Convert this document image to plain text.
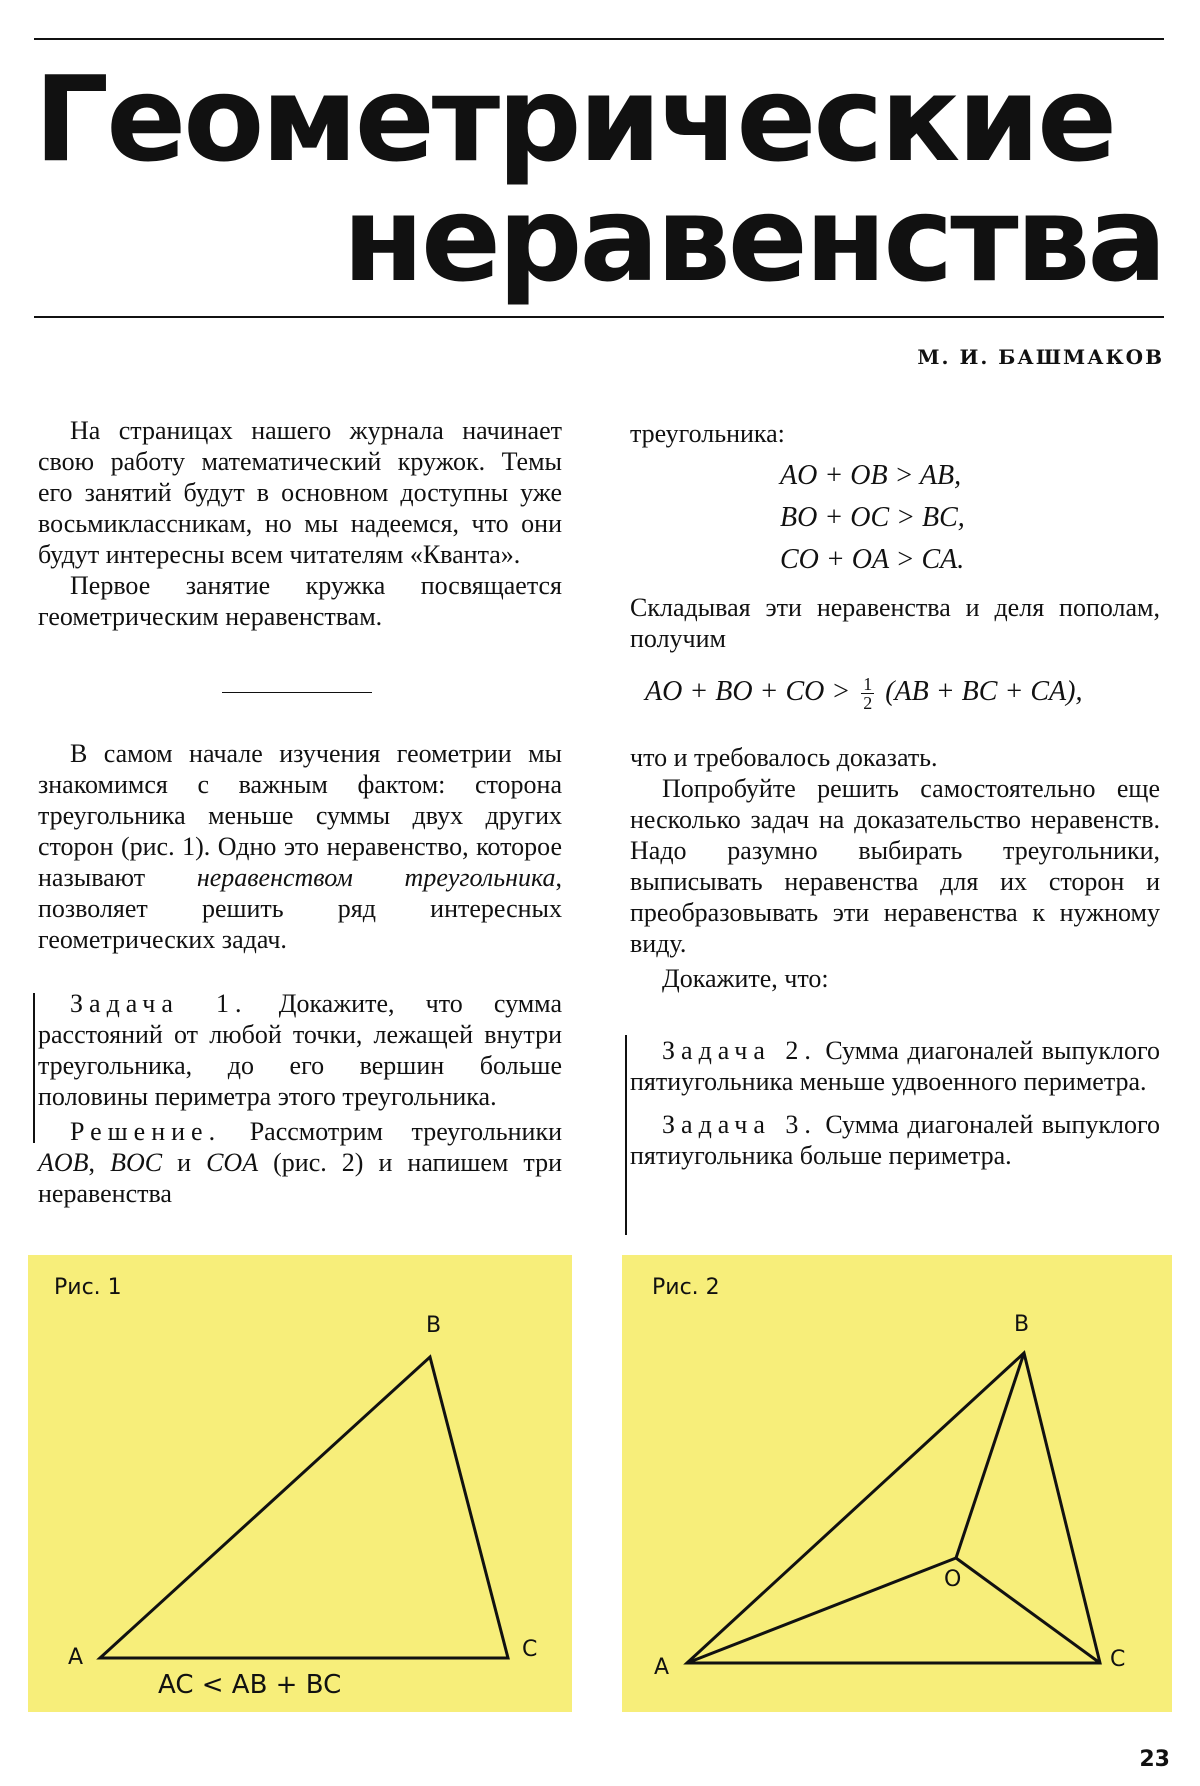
Геометрические
неравенства
М. И. БАШМАКОВ

На страницах нашего журнала начинает свою работу математический кружок. Темы его занятий будут в основном доступны уже восьмиклассникам, но мы надеемся, что они будут интересны всем читателям «Кванта».

Первое занятие кружка посвящается геометрическим неравенствам.

В самом начале изучения геометрии мы знакомимся с важным фактом: сторона треугольника меньше суммы двух других сторон (рис. 1). Одно это неравенство, которое называют неравенством треугольника, позволяет решить ряд интересных геометрических задач.

Задача 1. Докажите, что сумма расстояний от любой точки, лежащей внутри треугольника, до его вершин больше половины периметра этого треугольника.

Решение. Рассмотрим треугольники AOB, BOC и COA (рис. 2) и напишем три неравенства

треугольника:

AO + OB > AB,
BO + OC > BC,
CO + OA > CA.

Складывая эти неравенства и деля пополам, получим

AO + BO + CO > $\frac{1}{2} (AB$ + BC + CA),

что и требовалось доказать.

Попробуйте решить самостоятельно еще несколько задач на доказательство неравенств. Надо разумно выбирать треугольники, выписывать неравенства для их сторон и преобразовывать эти неравенства к нужному виду.

Докажите, что:

Задача 2. Сумма диагоналей выпуклого пятиугольника меньше удвоенного периметра.

Задача 3. Сумма диагоналей выпуклого пятиугольника больше периметра.

Рис. 1
B
A	C
AC < AB + BC
Рис. 2
B
A	C
O
23
